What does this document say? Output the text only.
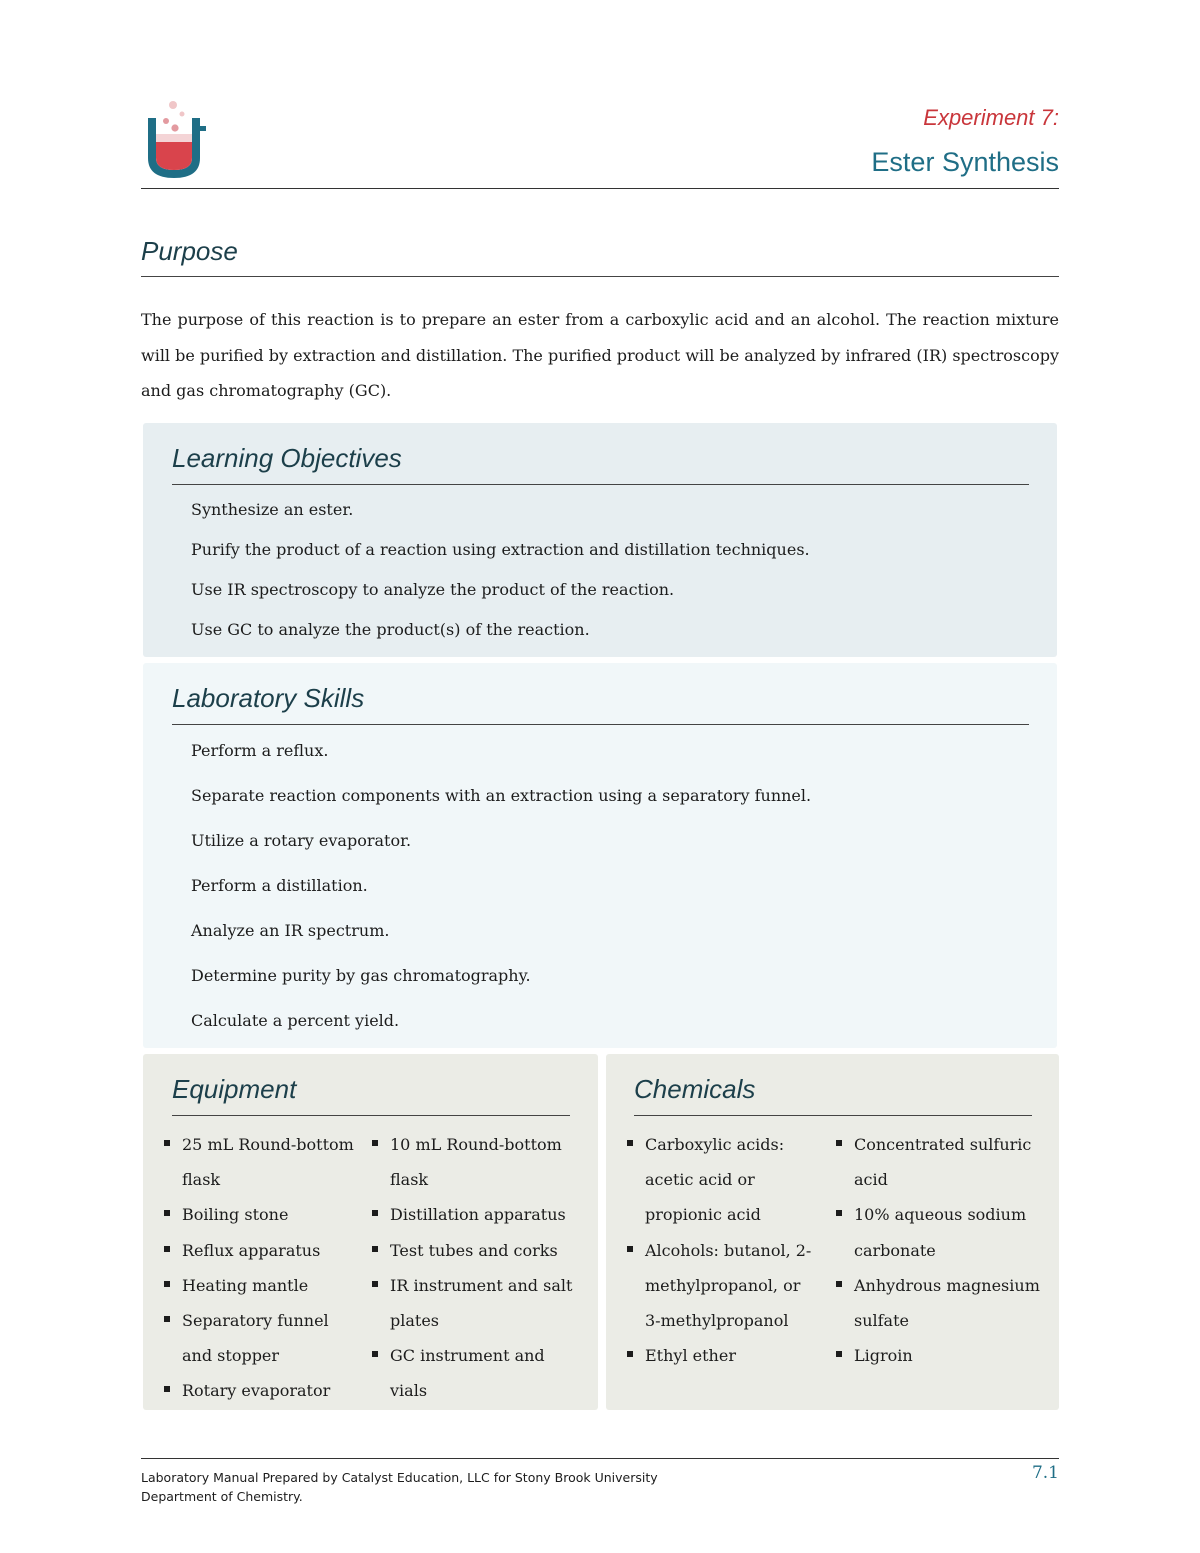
Experiment 7:
Ester Synthesis
Purpose
The purpose of this reaction is to prepare an ester from a carboxylic acid and an alcohol. The reaction mixture will be purified by extraction and distillation. The purified product will be analyzed by infrared (IR) spectroscopy and gas chromatography (GC).
Learning Objectives
Synthesize an ester.
Purify the product of a reaction using extraction and distillation techniques.
Use IR spectroscopy to analyze the product of the reaction.
Use GC to analyze the product(s) of the reaction.
Laboratory Skills
Perform a reflux.
Separate reaction components with an extraction using a separatory funnel.
Utilize a rotary evaporator.
Perform a distillation.
Analyze an IR spectrum.
Determine purity by gas chromatography.
Calculate a percent yield.
Equipment
25 mL Round-bottom flask
Boiling stone
Reflux apparatus
Heating mantle
Separatory funnel and stopper
Rotary evaporator
10 mL Round-bottom flask
Distillation apparatus
Test tubes and corks
IR instrument and salt plates
GC instrument and vials
Chemicals
Carboxylic acids: acetic acid or propionic acid
Alcohols: butanol, 2-methylpropanol, or 3-methylpropanol
Ethyl ether
Concentrated sulfuric acid
10% aqueous sodium carbonate
Anhydrous magnesium sulfate
Ligroin
Laboratory Manual Prepared by Catalyst Education, LLC for Stony Brook University
Department of Chemistry.
7.1
